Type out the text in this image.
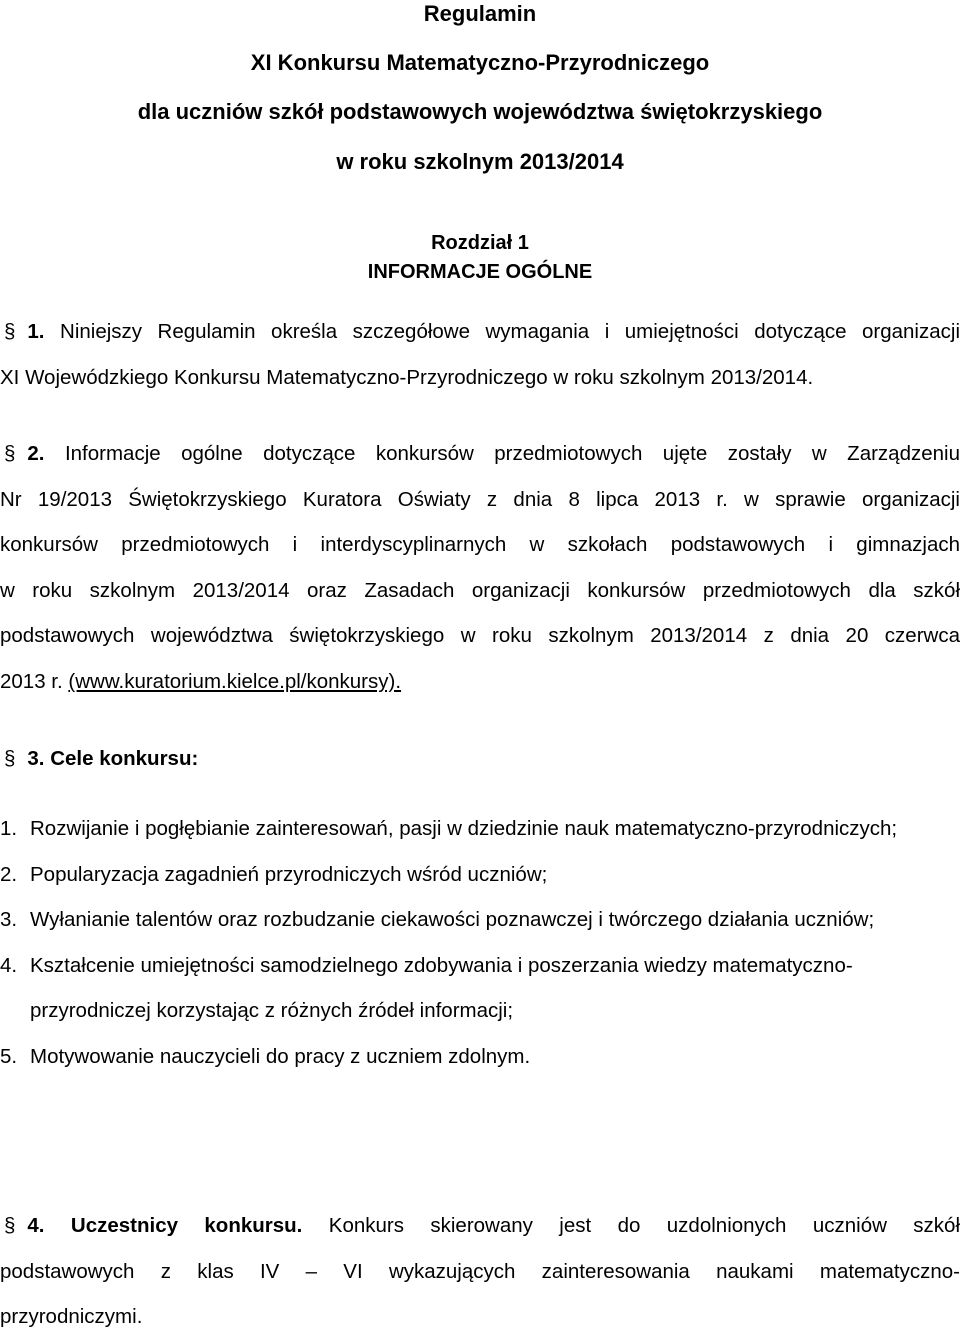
Regulamin
XI Konkursu Matematyczno-Przyrodniczego
dla uczniów szkół podstawowych województwa świętokrzyskiego
w roku szkolnym 2013/2014
Rozdział 1
INFORMACJE OGÓLNE
§ 1. Niniejszy Regulamin określa szczegółowe wymagania i umiejętności dotyczące organizacji
XI Wojewódzkiego Konkursu Matematyczno-Przyrodniczego w roku szkolnym 2013/2014.
§ 2. Informacje ogólne dotyczące konkursów przedmiotowych ujęte zostały w Zarządzeniu
Nr 19/2013 Świętokrzyskiego Kuratora Oświaty z dnia 8 lipca 2013 r. w sprawie organizacji
konkursów przedmiotowych i interdyscyplinarnych w szkołach podstawowych i gimnazjach
w roku szkolnym 2013/2014 oraz Zasadach organizacji konkursów przedmiotowych dla szkół
podstawowych województwa świętokrzyskiego w roku szkolnym 2013/2014 z dnia 20 czerwca
2013 r. (www.kuratorium.kielce.pl/konkursy).
§ 3. Cele konkursu:
1. Rozwijanie i pogłębianie zainteresowań, pasji w dziedzinie nauk matematyczno-przyrodniczych;
2. Popularyzacja zagadnień przyrodniczych wśród uczniów;
3. Wyłanianie talentów oraz rozbudzanie ciekawości poznawczej i twórczego działania uczniów;
4. Kształcenie umiejętności samodzielnego zdobywania i poszerzania wiedzy matematyczno-przyrodniczej korzystając z różnych źródeł informacji;
5. Motywowanie nauczycieli do pracy z uczniem zdolnym.
§ 4. Uczestnicy konkursu. Konkurs skierowany jest do uzdolnionych uczniów szkół
podstawowych z klas IV – VI wykazujących zainteresowania naukami matematyczno-
przyrodniczymi.
